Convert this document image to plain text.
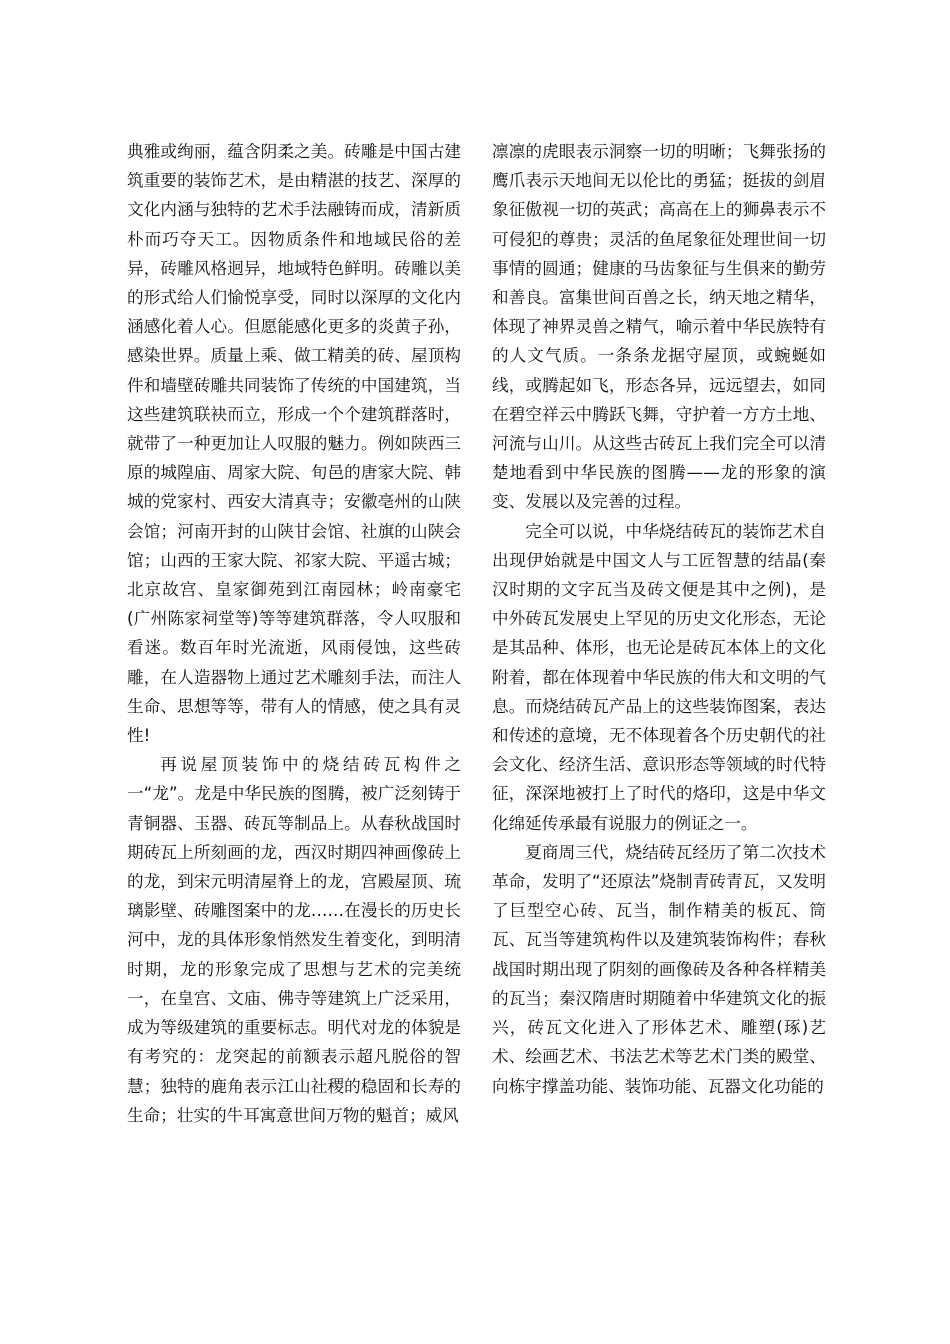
典雅或绚丽，蕴含阴柔之美。砖雕是中国古建筑重要的装饰艺术，是由精湛的技艺、深厚的文化内涵与独特的艺术手法融铸而成，清新质朴而巧夺天工。因物质条件和地域民俗的差异，砖雕风格迥异，地域特色鲜明。砖雕以美的形式给人们愉悦享受，同时以深厚的文化内涵感化着人心。但愿能感化更多的炎黄子孙，感染世界。质量上乘、做工精美的砖、屋顶构件和墙壁砖雕共同装饰了传统的中国建筑，当这些建筑联袂而立，形成一个个建筑群落时，就带了一种更加让人叹服的魅力。例如陕西三原的城隍庙、周家大院、旬邑的唐家大院、韩城的党家村、西安大清真寺；安徽亳州的山陕会馆；河南开封的山陕甘会馆、社旗的山陕会馆；山西的王家大院、祁家大院、平遥古城；北京故宫、皇家御苑到江南园林；岭南豪宅(广州陈家祠堂等)等等建筑群落，令人叹服和看迷。数百年时光流逝，风雨侵蚀，这些砖雕，在人造器物上通过艺术雕刻手法，而注人生命、思想等等，带有人的情感，使之具有灵性!

再说屋顶装饰中的烧结砖瓦构件之一“龙”。龙是中华民族的图腾，被广泛刻铸于青铜器、玉器、砖瓦等制品上。从春秋战国时期砖瓦上所刻画的龙，西汉时期四神画像砖上的龙，到宋元明清屋脊上的龙，宫殿屋顶、琉璃影壁、砖雕图案中的龙……在漫长的历史长河中，龙的具体形象悄然发生着变化，到明清时期，龙的形象完成了思想与艺术的完美统一，在皇宫、文庙、佛寺等建筑上广泛采用，成为等级建筑的重要标志。明代对龙的体貌是有考究的：龙突起的前额表示超凡脱俗的智慧；独特的鹿角表示江山社稷的稳固和长寿的生命；壮实的牛耳寓意世间万物的魁首；威风

凛凛的虎眼表示洞察一切的明晰；飞舞张扬的鹰爪表示天地间无以伦比的勇猛；挺拔的剑眉象征傲视一切的英武；高高在上的狮鼻表示不可侵犯的尊贵；灵活的鱼尾象征处理世间一切事情的圆通；健康的马齿象征与生俱来的勤劳和善良。富集世间百兽之长，纳天地之精华，体现了神界灵兽之精气，喻示着中华民族特有的人文气质。一条条龙据守屋顶，或蜿蜒如线，或腾起如飞，形态各异，远远望去，如同在碧空祥云中腾跃飞舞，守护着一方方土地、河流与山川。从这些古砖瓦上我们完全可以清楚地看到中华民族的图腾——龙的形象的演变、发展以及完善的过程。

完全可以说，中华烧结砖瓦的装饰艺术自出现伊始就是中国文人与工匠智慧的结晶(秦汉时期的文字瓦当及砖文便是其中之例)，是中外砖瓦发展史上罕见的历史文化形态，无论是其品种、体形，也无论是砖瓦本体上的文化附着，都在体现着中华民族的伟大和文明的气息。而烧结砖瓦产品上的这些装饰图案，表达和传述的意境，无不体现着各个历史朝代的社会文化、经济生活、意识形态等领域的时代特征，深深地被打上了时代的烙印，这是中华文化绵延传承最有说服力的例证之一。

夏商周三代，烧结砖瓦经历了第二次技术革命，发明了“还原法”烧制青砖青瓦，又发明了巨型空心砖、瓦当，制作精美的板瓦、筒瓦、瓦当等建筑构件以及建筑装饰构件；春秋战国时期出现了阴刻的画像砖及各种各样精美的瓦当；秦汉隋唐时期随着中华建筑文化的振兴，砖瓦文化进入了形体艺术、雕塑(琢)艺术、绘画艺术、书法艺术等艺术门类的殿堂、向栋宇撑盖功能、装饰功能、瓦器文化功能的
